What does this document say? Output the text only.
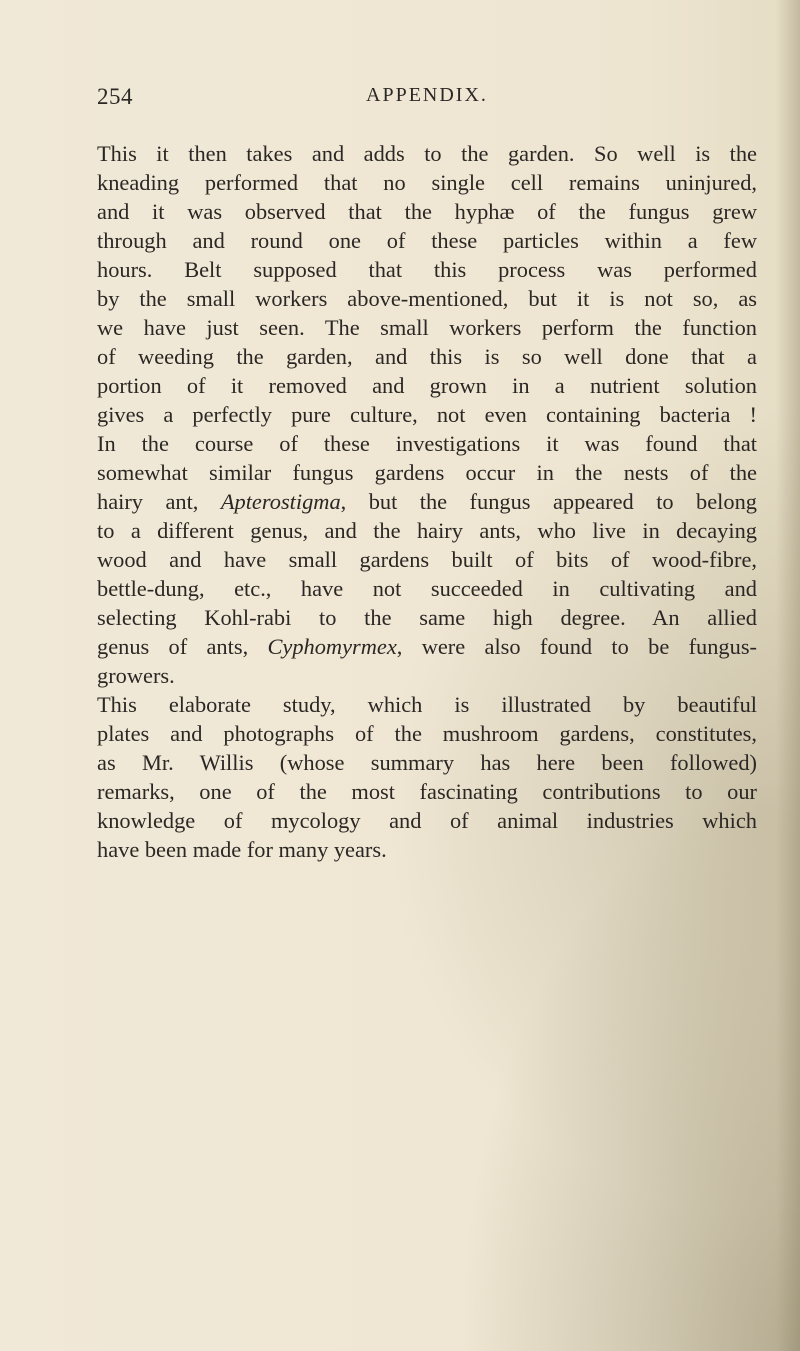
254	APPENDIX.
This it then takes and adds to the garden. So well is the
kneading performed that no single cell remains uninjured,
and it was observed that the hyphæ of the fungus grew
through and round one of these particles within a few
hours. Belt supposed that this process was performed
by the small workers above-mentioned, but it is not so, as
we have just seen. The small workers perform the function
of weeding the garden, and this is so well done that a
portion of it removed and grown in a nutrient solution
gives a perfectly pure culture, not even containing bacteria !
In the course of these investigations it was found that
somewhat similar fungus gardens occur in the nests of the
hairy ant, Apterostigma, but the fungus appeared to belong
to a different genus, and the hairy ants, who live in decaying
wood and have small gardens built of bits of wood-fibre,
bettle-dung, etc., have not succeeded in cultivating and
selecting Kohl-rabi to the same high degree. An allied
genus of ants, Cyphomyrmex, were also found to be fungus-
growers.
This elaborate study, which is illustrated by beautiful
plates and photographs of the mushroom gardens, constitutes,
as Mr. Willis (whose summary has here been followed)
remarks, one of the most fascinating contributions to our
knowledge of mycology and of animal industries which
have been made for many years.
